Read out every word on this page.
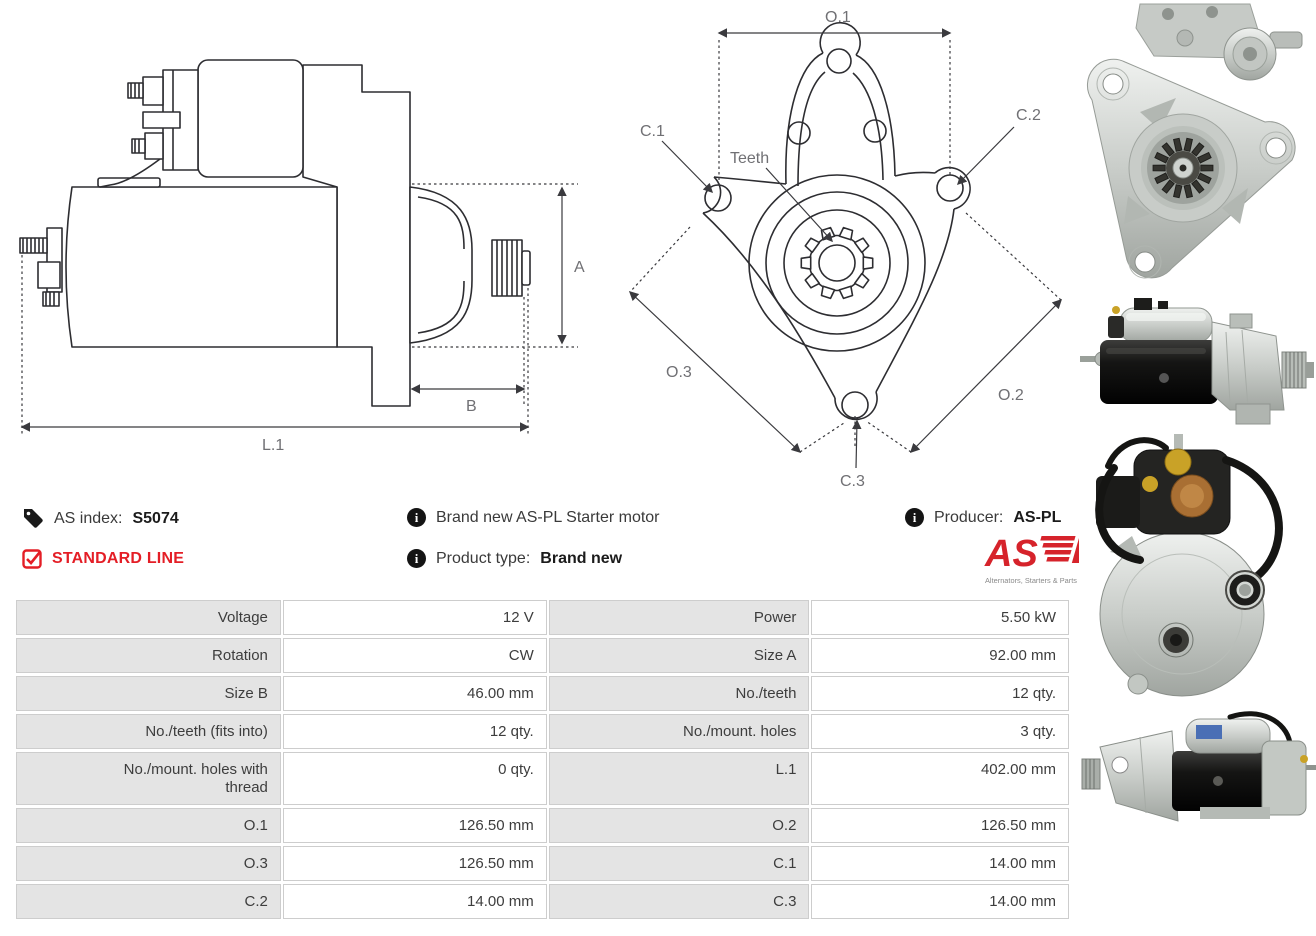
A
B
L.1
O.1
C.1
C.2
Teeth
O.3
O.2
C.3
AS index: S5074
STANDARD LINE
i	Brand new AS-PL Starter motor
i	Product type: Brand new
i	Producer: AS-PL
AS
Alternators, Starters & Parts
Voltage	12 V	Power	5.50 kW
Rotation	CW	Size A	92.00 mm
Size B	46.00 mm	No./teeth	12 qty.
No./teeth (fits into)	12 qty.	No./mount. holes	3 qty.
No./mount. holes with thread	0 qty.	L.1	402.00 mm
O.1	126.50 mm	O.2	126.50 mm
O.3	126.50 mm	C.1	14.00 mm
C.2	14.00 mm	C.3	14.00 mm
